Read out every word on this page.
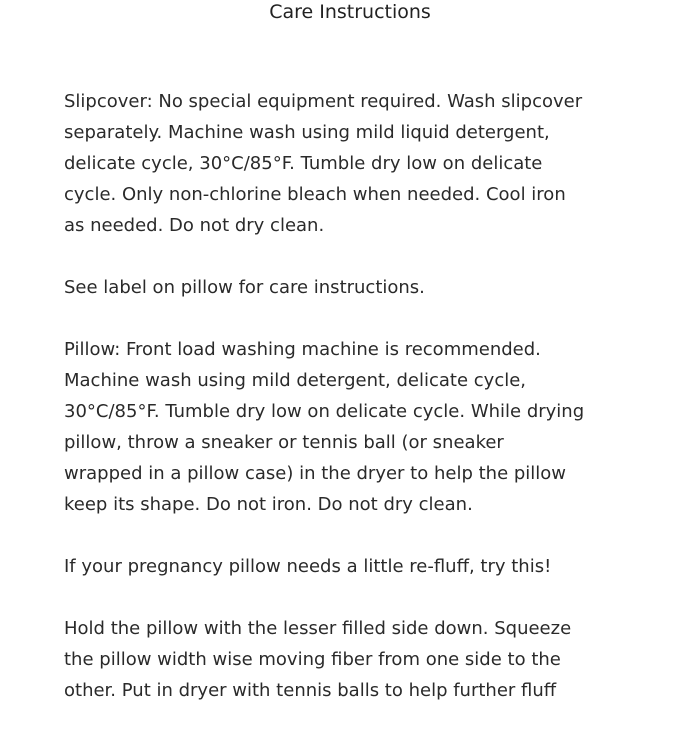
Care Instructions

Slipcover: No special equipment required. Wash slipcover
separately. Machine wash using mild liquid detergent,
delicate cycle, 30°C/85°F. Tumble dry low on delicate
cycle. Only non-chlorine bleach when needed. Cool iron
as needed. Do not dry clean.

See label on pillow for care instructions.

Pillow: Front load washing machine is recommended.
Machine wash using mild detergent, delicate cycle,
30°C/85°F. Tumble dry low on delicate cycle. While drying
pillow, throw a sneaker or tennis ball (or sneaker
wrapped in a pillow case) in the dryer to help the pillow
keep its shape. Do not iron. Do not dry clean.

If your pregnancy pillow needs a little re-fluff, try this!

Hold the pillow with the lesser filled side down. Squeeze
the pillow width wise moving fiber from one side to the
other. Put in dryer with tennis balls to help further fluff
